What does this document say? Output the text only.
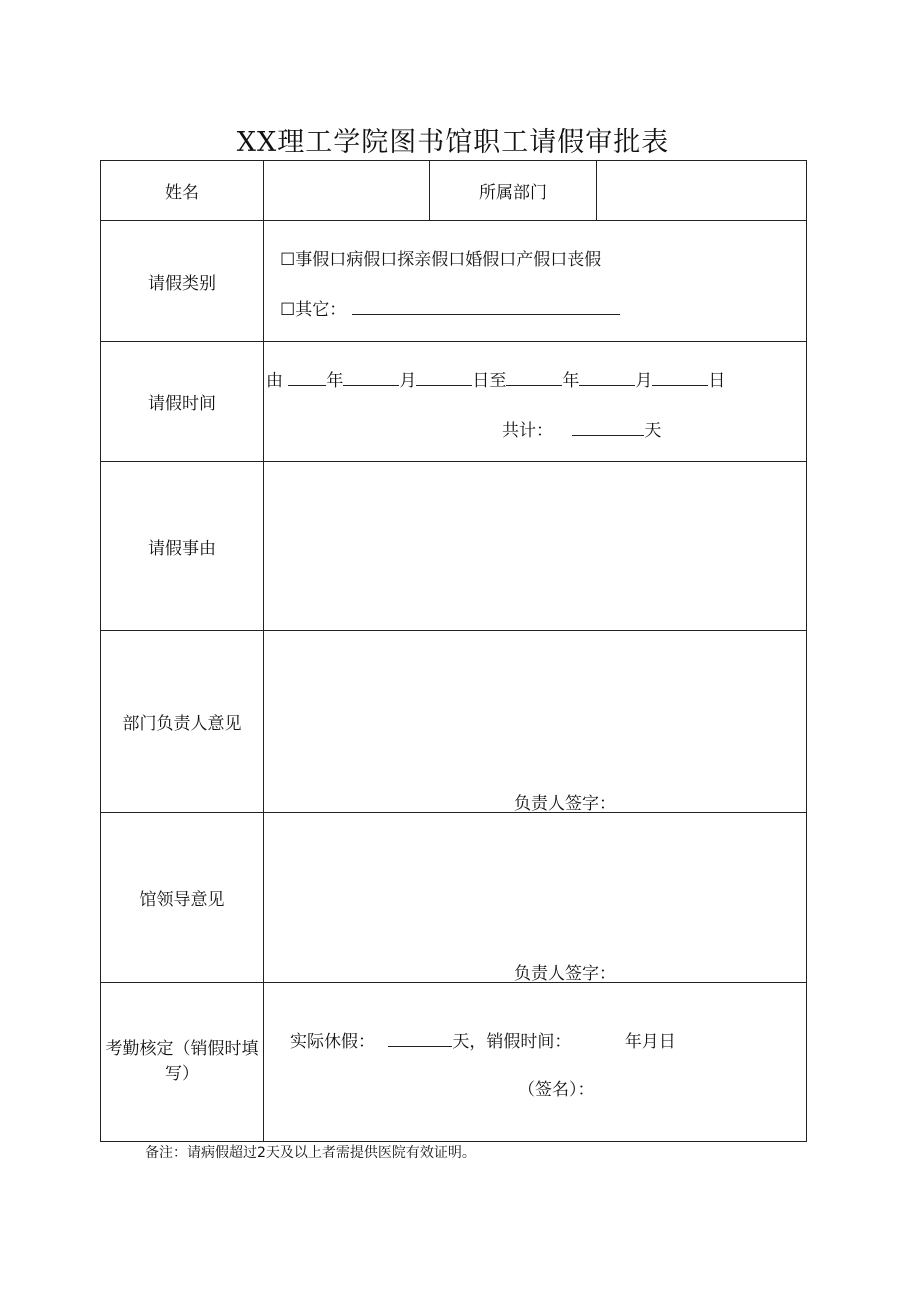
XX理工学院图书馆职工请假审批表
姓名		所属部门	
请假类别	☐事假口病假口探亲假口婚假口产假口丧假
☐其它：		

请假时间	由 年 月 日至 年 月 日
共计： 天		

请假事由			
部门负责人意见	负责人签字：		

馆领导意见	负责人签字：		

考勤核定（销假时填写）	实际休假： 天，销假时间： 年月日
（签名）：		
备注：请病假超过2天及以上者需提供医院有效证明。
